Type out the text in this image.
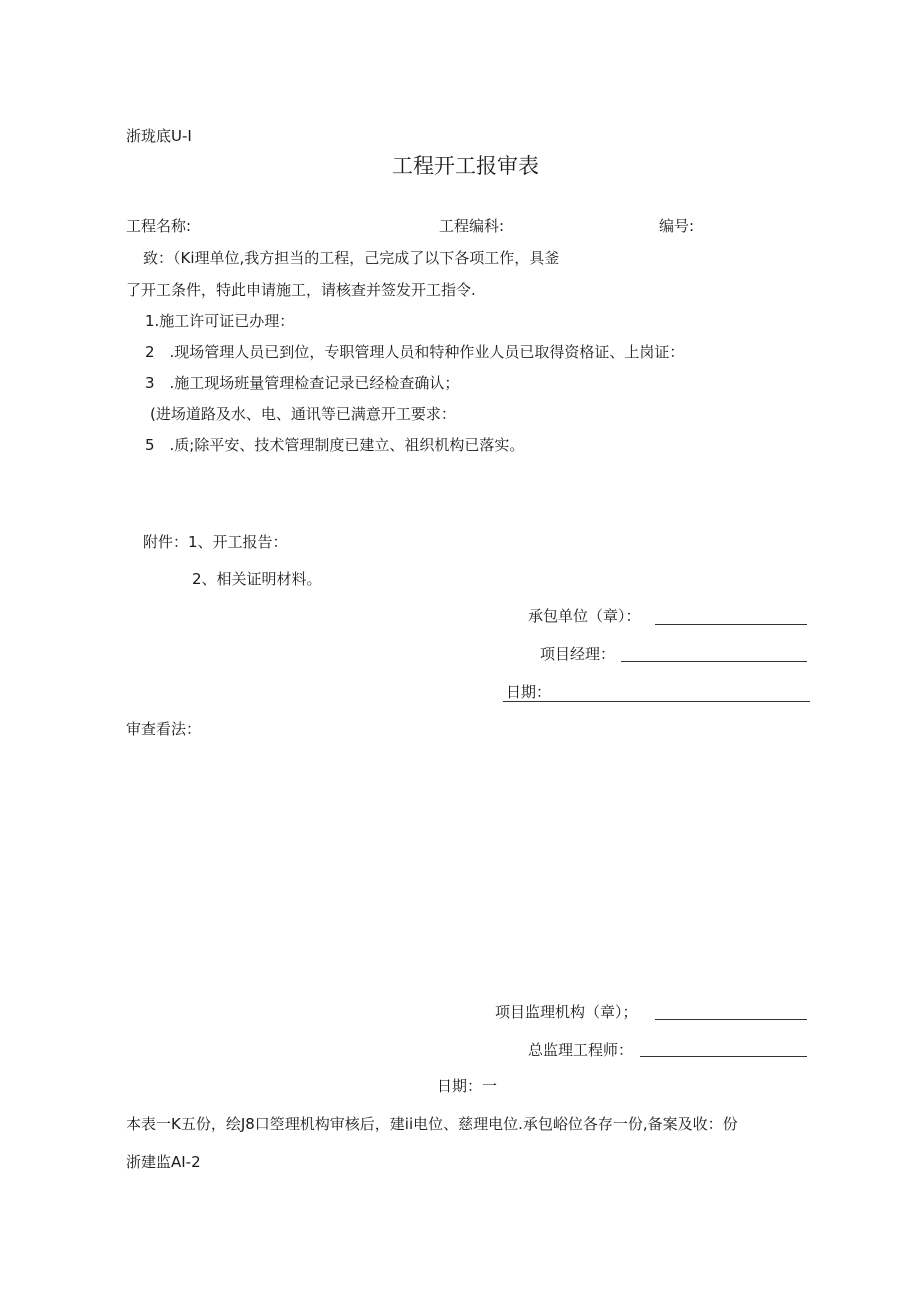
浙珑底U-I
工程开工报审表
工程名称:	工程编科:	编号:
致：（Ki理单位,我方担当的工程，己完成了以下各项工作，具釜
了开工条件，特此申请施工，请核查并签发开工指令.
1.施工许可证已办理：
2　.现场管理人员已到位，专职管理人员和特种作业人员已取得资格证、上岗证：
3　.施工现场班量管理检查记录已经检查确认；
(进场道路及水、电、通讯等已满意开工要求：
5　.质;除平安、技术管理制度已建立、祖织机构已落实。
附件：1、开工报告：
2、相关证明材料。
承包单位（章）：
项目经理：
日期：
审查看法：
项目监理机构（章）；
总监理工程师：
日期：一
本表一K五份，绘J8口箜理机构审核后，建ii电位、慈理电位.承包峪位各存一份,备案及收：份
浙建监AI-2
